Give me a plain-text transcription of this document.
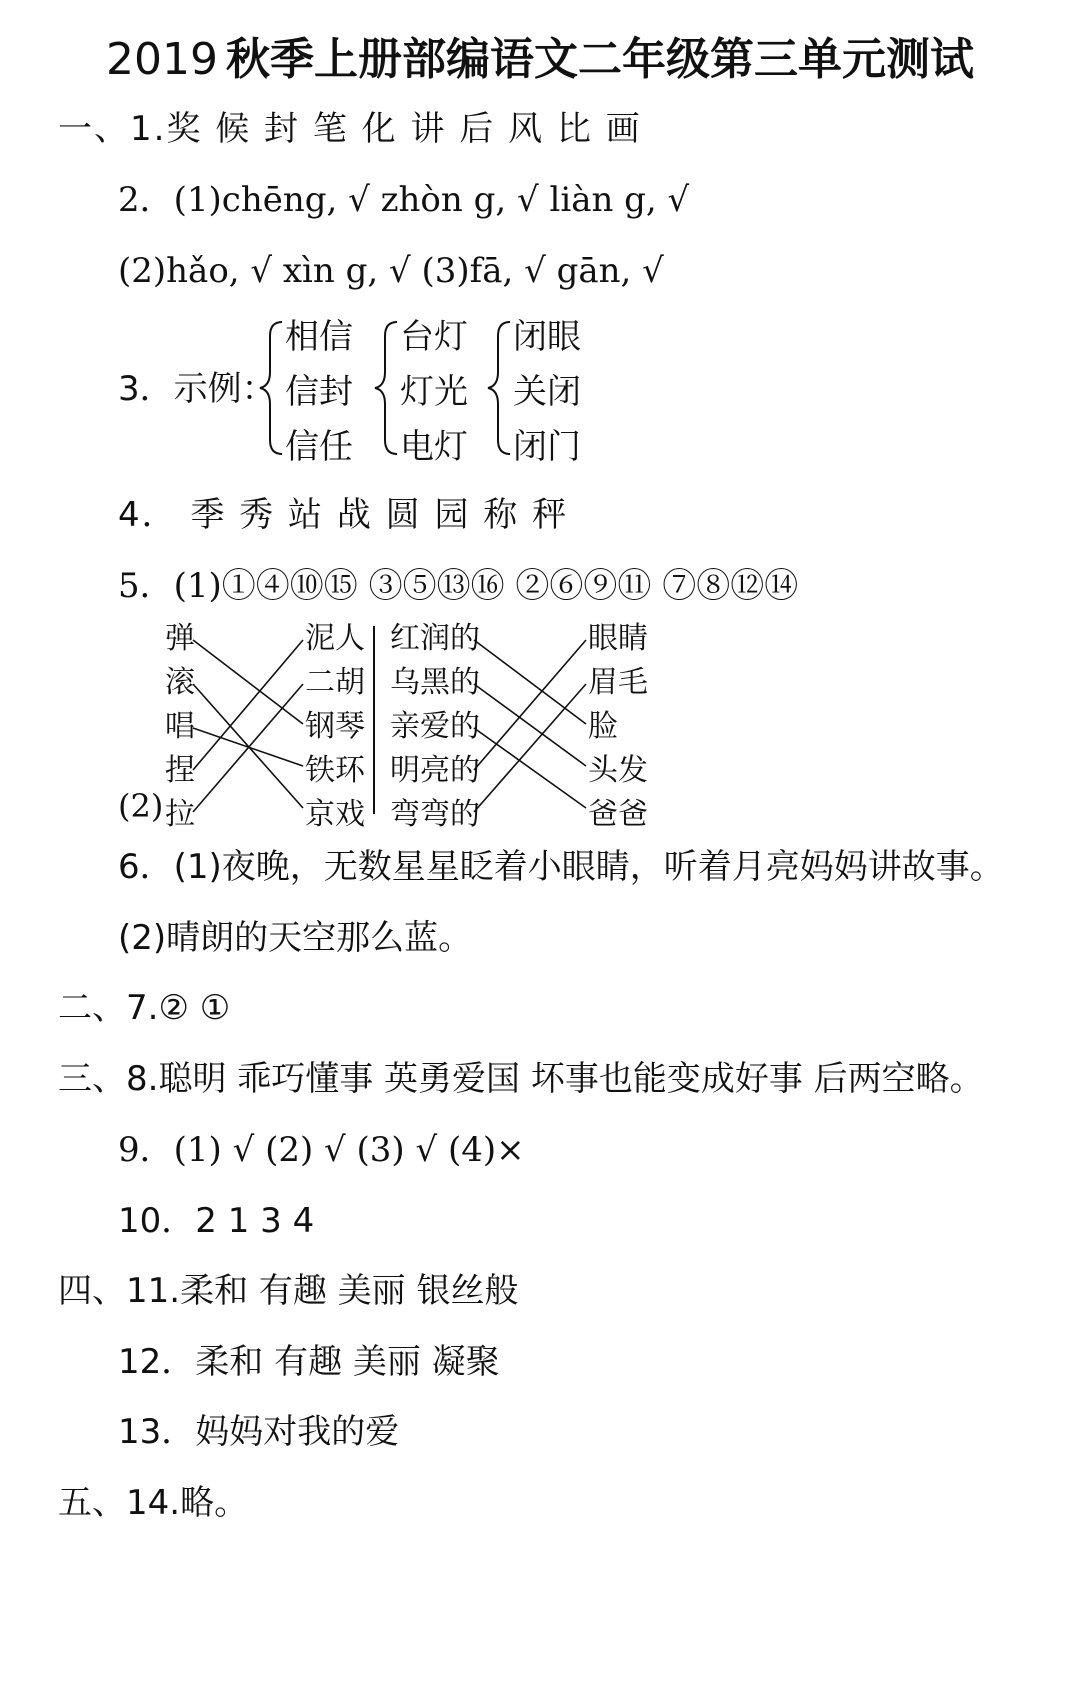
2019 秋季上册部编语文二年级第三单元测试
一、1.奖 候 封 笔 化 讲 后 风 比 画
2．(1)chēng, √ zhòn g, √ liàn g, √
(2)hǎo, √ xìn g, √ (3)fā, √ gān, √
3．示例：
相信
信封
信任
台灯
灯光
电灯
闭眼
关闭
闭门
4． 季 秀 站 战 圆 园 称 秤
5．(1)①④⑩⑮ ③⑤⑬⑯ ②⑥⑨⑪ ⑦⑧⑫⑭
(2)
弹
滚
唱
捏
拉
泥人
二胡
钢琴
铁环
京戏
红润的
乌黑的
亲爱的
明亮的
弯弯的
眼睛
眉毛
脸
头发
爸爸
6．(1)夜晚，无数星星眨着小眼睛，听着月亮妈妈讲故事。
(2)晴朗的天空那么蓝。
二、7.② ①
三、8.聪明 乖巧懂事 英勇爱国 坏事也能变成好事 后两空略。
9．(1) √ (2) √ (3) √ (4)×
10．2 1 3 4
四、11.柔和 有趣 美丽 银丝般
12．柔和 有趣 美丽 凝聚
13．妈妈对我的爱
五、14.略。
